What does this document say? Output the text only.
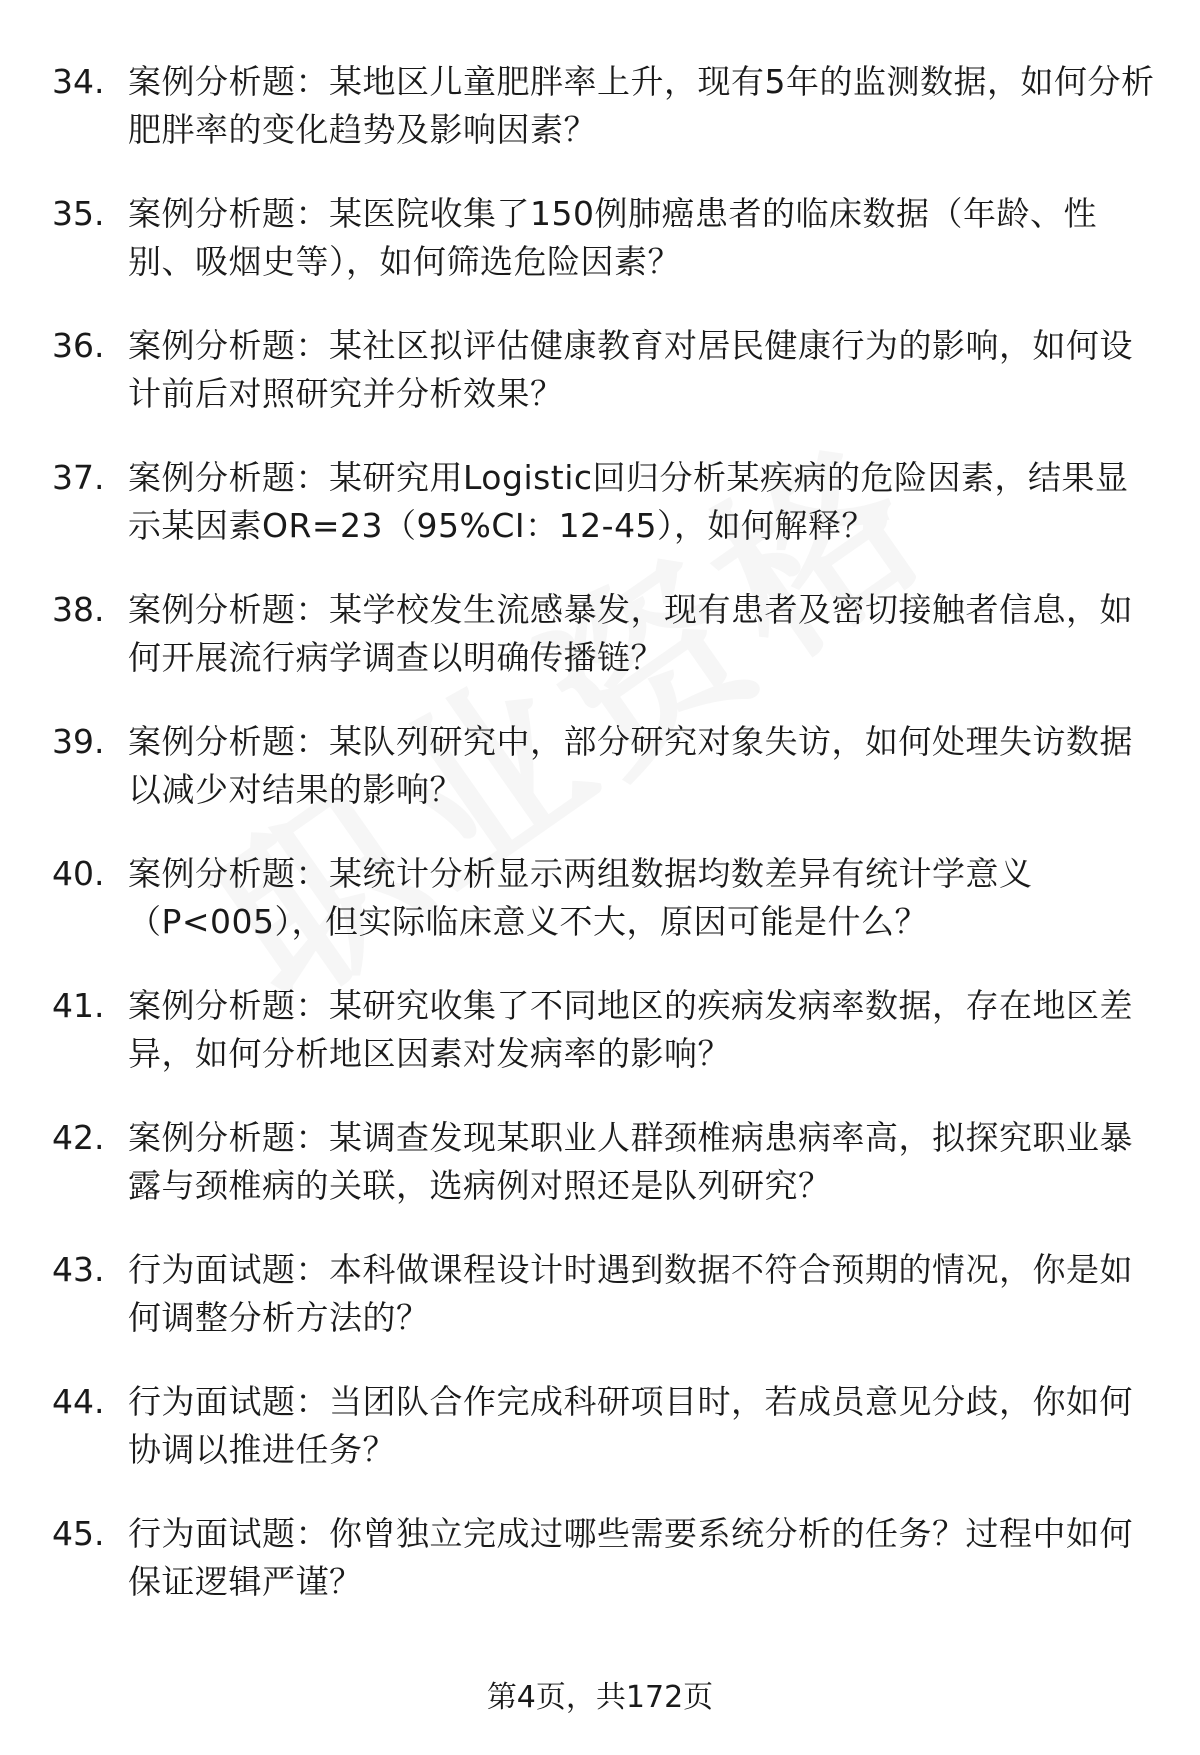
34. 案例分析题：某地区儿童肥胖率上升，现有5年的监测数据，如何分析肥胖率的变化趋势及影响因素？
35. 案例分析题：某医院收集了150例肺癌患者的临床数据（年龄、性别、吸烟史等），如何筛选危险因素？
36. 案例分析题：某社区拟评估健康教育对居民健康行为的影响，如何设计前后对照研究并分析效果？
37. 案例分析题：某研究用Logistic回归分析某疾病的危险因素，结果显示某因素OR=23（95%CI：12-45），如何解释？
38. 案例分析题：某学校发生流感暴发，现有患者及密切接触者信息，如何开展流行病学调查以明确传播链？
39. 案例分析题：某队列研究中，部分研究对象失访，如何处理失访数据以减少对结果的影响？
40. 案例分析题：某统计分析显示两组数据均数差异有统计学意义（P<005），但实际临床意义不大，原因可能是什么？
41. 案例分析题：某研究收集了不同地区的疾病发病率数据，存在地区差异，如何分析地区因素对发病率的影响？
42. 案例分析题：某调查发现某职业人群颈椎病患病率高，拟探究职业暴露与颈椎病的关联，选病例对照还是队列研究？
43. 行为面试题：本科做课程设计时遇到数据不符合预期的情况，你是如何调整分析方法的？
44. 行为面试题：当团队合作完成科研项目时，若成员意见分歧，你如何协调以推进任务？
45. 行为面试题：你曾独立完成过哪些需要系统分析的任务？过程中如何保证逻辑严谨？
第4页，共172页
